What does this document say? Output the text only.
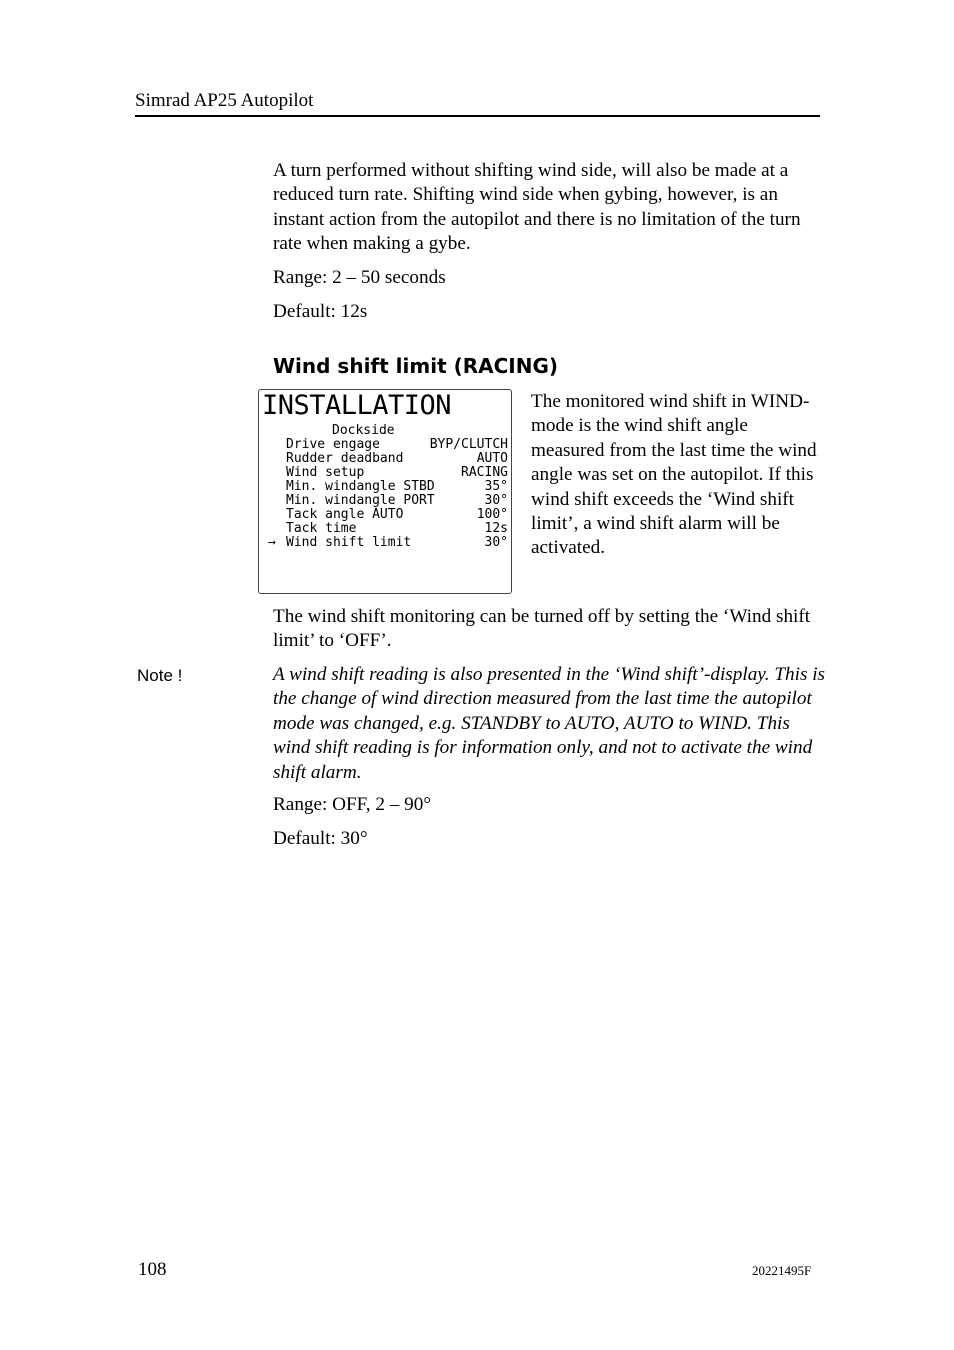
Simrad AP25 Autopilot

A turn performed without shifting wind side, will also be made at a reduced turn rate. Shifting wind side when gybing, however, is an instant action from the autopilot and there is no limitation of the turn rate when making a gybe.

Range: 2 – 50 seconds

Default: 12s

Wind shift limit (RACING)
INSTALLATION
Dockside
Drive engage	BYP/CLUTCH
Rudder deadband	AUTO
Wind setup	RACING
Min. windangle STBD	35°
Min. windangle PORT	30°
Tack angle AUTO	100°
Tack time	12s
→ Wind shift limit	30°

The monitored wind shift in WIND-mode is the wind shift angle measured from the last time the wind angle was set on the autopilot. If this wind shift exceeds the ‘Wind shift limit’, a wind shift alarm will be activated.

The wind shift monitoring can be turned off by setting the ‘Wind shift limit’ to ‘OFF’.

Note !	A wind shift reading is also presented in the ‘Wind shift’-display. This is the change of wind direction measured from the last time the autopilot mode was changed, e.g. STANDBY to AUTO, AUTO to WIND. This wind shift reading is for information only, and not to activate the wind shift alarm.

Range: OFF, 2 – 90°

Default: 30°

108	20221495F
